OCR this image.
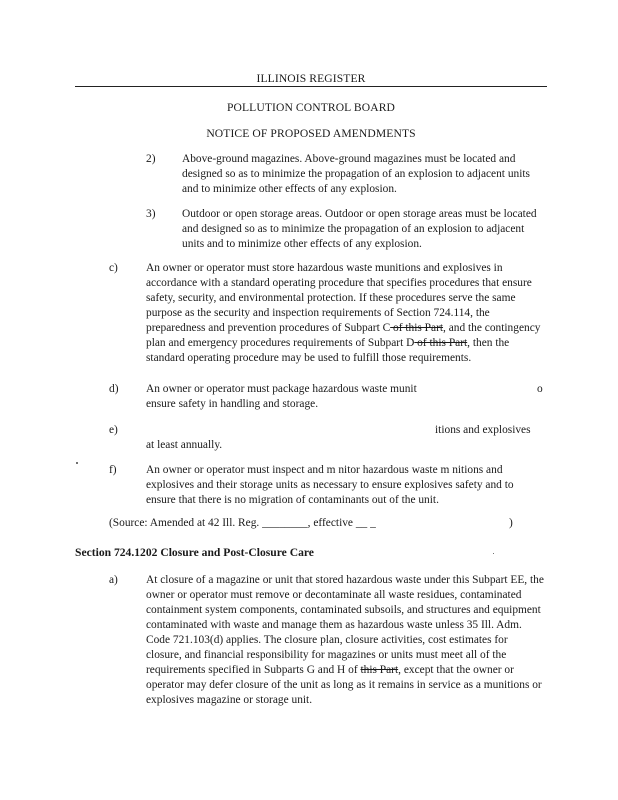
ILLINOIS REGISTER
POLLUTION CONTROL BOARD
NOTICE OF PROPOSED AMENDMENTS
2) Above-ground magazines. Above-ground magazines must be located and designed so as to minimize the propagation of an explosion to adjacent units and to minimize other effects of any explosion.
3) Outdoor or open storage areas. Outdoor or open storage areas must be located and designed so as to minimize the propagation of an explosion to adjacent units and to minimize other effects of any explosion.
c) An owner or operator must store hazardous waste munitions and explosives in accordance with a standard operating procedure that specifies procedures that ensure safety, security, and environmental protection. If these procedures serve the same purpose as the security and inspection requirements of Section 724.114, the preparedness and prevention procedures of Subpart C of this Part, and the contingency plan and emergency procedures requirements of Subpart D of this Part, then the standard operating procedure may be used to fulfill those requirements.
d) An owner or operator must package hazardous waste munit	o
ensure safety in handling and storage.
e)	itions and explosives
at least annually.
f)	An owner or operator must inspect and m nitor hazardous waste m nitions and explosives and their storage units as necessary to ensure explosives safety and to ensure that there is no migration of contaminants out of the unit.
(Source: Amended at 42 Ill. Reg. ________, effective __ _	)
Section 724.1202 Closure and Post-Closure Care
a) At closure of a magazine or unit that stored hazardous waste under this Subpart EE, the owner or operator must remove or decontaminate all waste residues, contaminated containment system components, contaminated subsoils, and structures and equipment contaminated with waste and manage them as hazardous waste unless 35 Ill. Adm. Code 721.103(d) applies. The closure plan, closure activities, cost estimates for closure, and financial responsibility for magazines or units must meet all of the requirements specified in Subparts G and H of this Part, except that the owner or operator may defer closure of the unit as long as it remains in service as a munitions or explosives magazine or storage unit.
